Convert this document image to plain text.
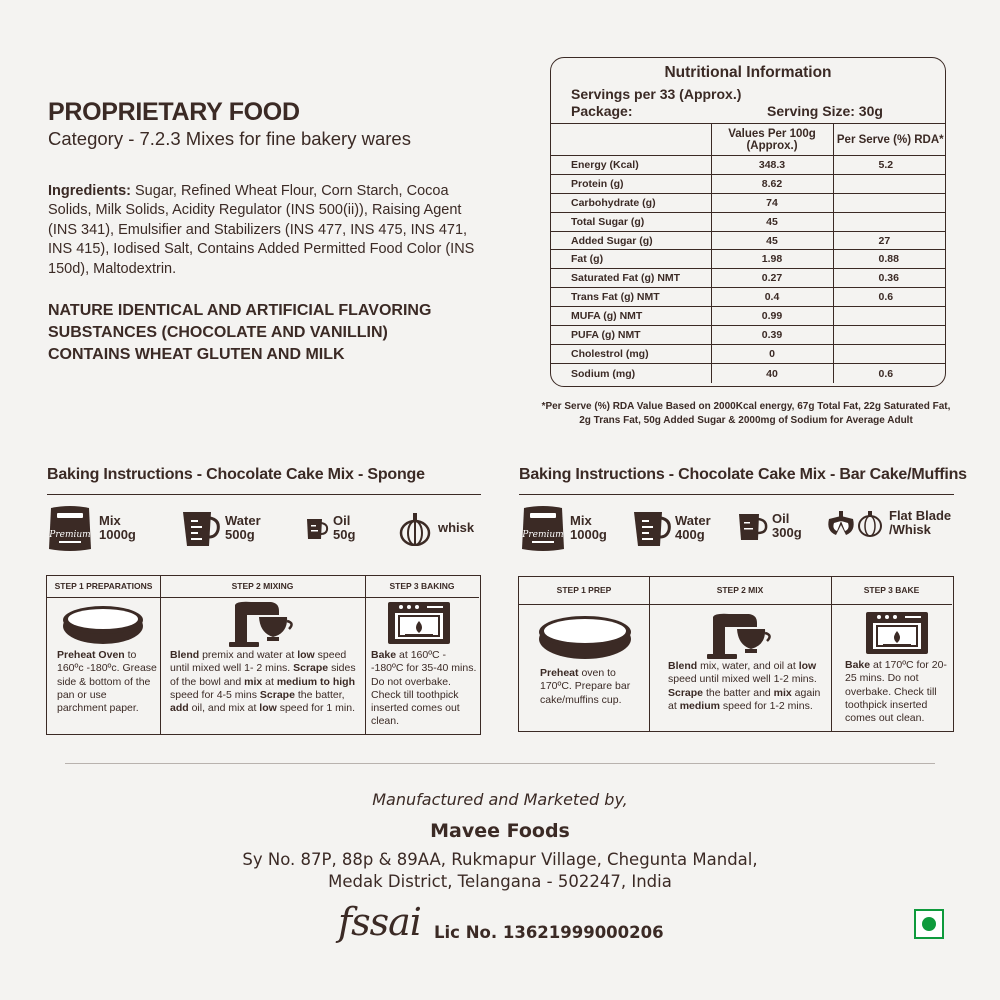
PROPRIETARY FOOD
Category - 7.2.3 Mixes for fine bakery wares
Ingredients: Sugar, Refined Wheat Flour, Corn Starch, Cocoa Solids, Milk Solids, Acidity Regulator (INS 500(ii)), Raising Agent (INS 341), Emulsifier and Stabilizers (INS 477, INS 475, INS 471, INS 415), Iodised Salt, Contains Added Permitted Food Color (INS 150d), Maltodextrin.
NATURE IDENTICAL AND ARTIFICIAL FLAVORING SUBSTANCES (CHOCOLATE AND VANILLIN)
CONTAINS WHEAT GLUTEN AND MILK
Nutritional Information
Servings per 33 (Approx.)
Package:	Serving Size: 30g
	Values Per 100g (Approx.)	Per Serve (%) RDA*
Energy (Kcal)	348.3	5.2
Protein (g)	8.62	
Carbohydrate (g)	74	
Total Sugar (g)	45	
Added Sugar (g)	45	27
Fat (g)	1.98	0.88
Saturated Fat (g) NMT	0.27	0.36
Trans Fat (g) NMT	0.4	0.6
MUFA (g) NMT	0.99	
PUFA (g) NMT	0.39	
Cholestrol (mg)	0	
Sodium (mg)	40	0.6
*Per Serve (%) RDA Value Based on 2000Kcal energy, 67g Total Fat, 22g Saturated Fat,
2g Trans Fat, 50g Added Sugar & 2000mg of Sodium for Average Adult
Baking Instructions - Chocolate Cake Mix - Sponge
Premium
Mix
1000g
Water
500g
Oil
50g	whisk
STEP 1 PREPARATIONS	STEP 2 MIXING	STEP 3 BAKING
Preheat Oven to 160ºc -180ºc. Grease side & bottom of the pan or use parchment paper.
Blend premix and water at low speed until mixed well 1- 2 mins. Scrape sides of the bowl and mix at medium to high speed for 4-5 mins Scrape the batter, add oil, and mix at low speed for 1 min.
Bake at 160ºC - -180ºC for 35-40 mins. Do not overbake. Check till toothpick inserted comes out clean.
Baking Instructions - Chocolate Cake Mix - Bar Cake/Muffins
Premium
Mix
1000g
Water
400g
Oil
300g
Flat Blade
/Whisk
STEP 1 PREP	STEP 2 MIX	STEP 3 BAKE
Preheat oven to 170ºC. Prepare bar cake/muffins cup.
Blend mix, water, and oil at low speed until mixed well 1-2 mins. Scrape the batter and mix again at medium speed for 1-2 mins.
Bake at 170ºC for 20-25 mins. Do not overbake. Check till toothpick inserted comes out clean.
Manufactured and Marketed by,
Mavee Foods
Sy No. 87P, 88p & 89AA, Rukmapur Village, Chegunta Mandal,
Medak District, Telangana - 502247, India
fssai Lic No. 13621999000206
